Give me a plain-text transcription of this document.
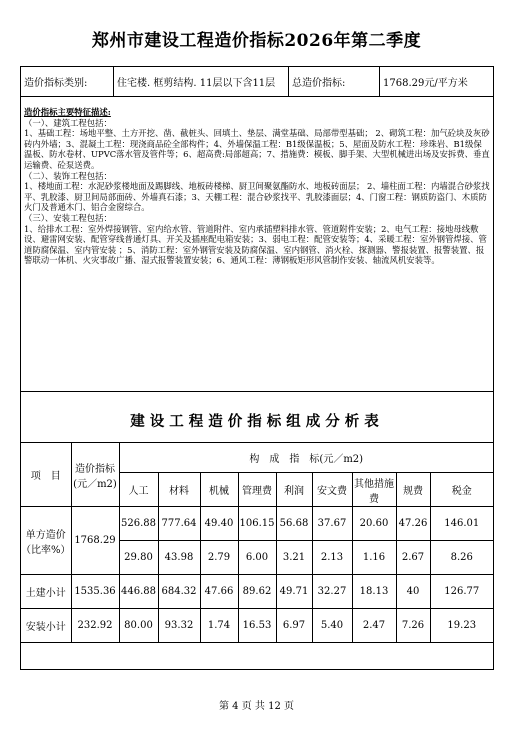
郑州市建设工程造价指标2026年第二季度
造价指标类别:	住宅楼. 框剪结构. 11层以下含11层	总造价指标:	1768.29元/平方米

造价指标主要特征描述:

（一）、建筑工程包括：

1、基础工程：场地平整、土方开挖、凿、截桩头、回填土、垫层、满堂基础、局部带型基础； 2、砌筑工程：加气砼块及灰砂砖内外墙；3、混凝土工程：现浇商品砼全部构件；4、外墙保温工程：B1级保温板；5、屋面及防水工程：珍珠岩、B1级保温板、防水卷材、UPVC落水管及管件等；6、超高费:局部超高；7、措施费：模板、脚手架、大型机械进出场及安拆费、垂直运输费、砼泵送费。

（二）、装饰工程包括：

1、楼地面工程：水泥砂浆楼地面及踢脚线、地板砖楼梯、厨卫间聚氨酯防水、地板砖面层； 2、墙柱面工程：内墙混合砂浆找平、乳胶漆、厨卫间局部面砖、外墙真石漆；3、天棚工程：混合砂浆找平、乳胶漆面层；4、门窗工程：钢质防盗门、木质防火门及普通木门、铝合金窗综合。

（三）、安装工程包括：

1、给排水工程：室外焊接钢管、室内给水管、管道附件、室内承插塑料排水管、管道附件安装；2、电气工程：接地母线敷设、避雷网安装、配管穿线普通灯具、开关及插座配电箱安装；3、弱电工程：配管安装等；4、采暖工程：室外钢管焊接、管道防腐保温、室内管安装 ；5、消防工程：室外钢管安装及防腐保温、室内钢管、消火栓、探测器、警报装置、报警装置、报警联动一体机、火灾事故广播、湿式报警装置安装；6、通风工程：薄钢板矩形风管制作安装、轴流风机安装等。

建设工程造价指标组成分析表
项　目	造价指标(元／m2)	构　成　指　标(元／m2)								
		人工	材料	机械	管理费	利润	安文费	其他措施费	规费	税金
单方造价（比率%）	1768.29	526.88	777.64	49.40	106.15	56.68	37.67	20.60	47.26	146.01
		29.80	43.98	2.79	6.00	3.21	2.13	1.16	2.67	8.26
土建小计	1535.36	446.88	684.32	47.66	89.62	49.71	32.27	18.13	40	126.77
安装小计	232.92	80.00	93.32	1.74	16.53	6.97	5.40	2.47	7.26	19.23
第 4 页 共 12 页
